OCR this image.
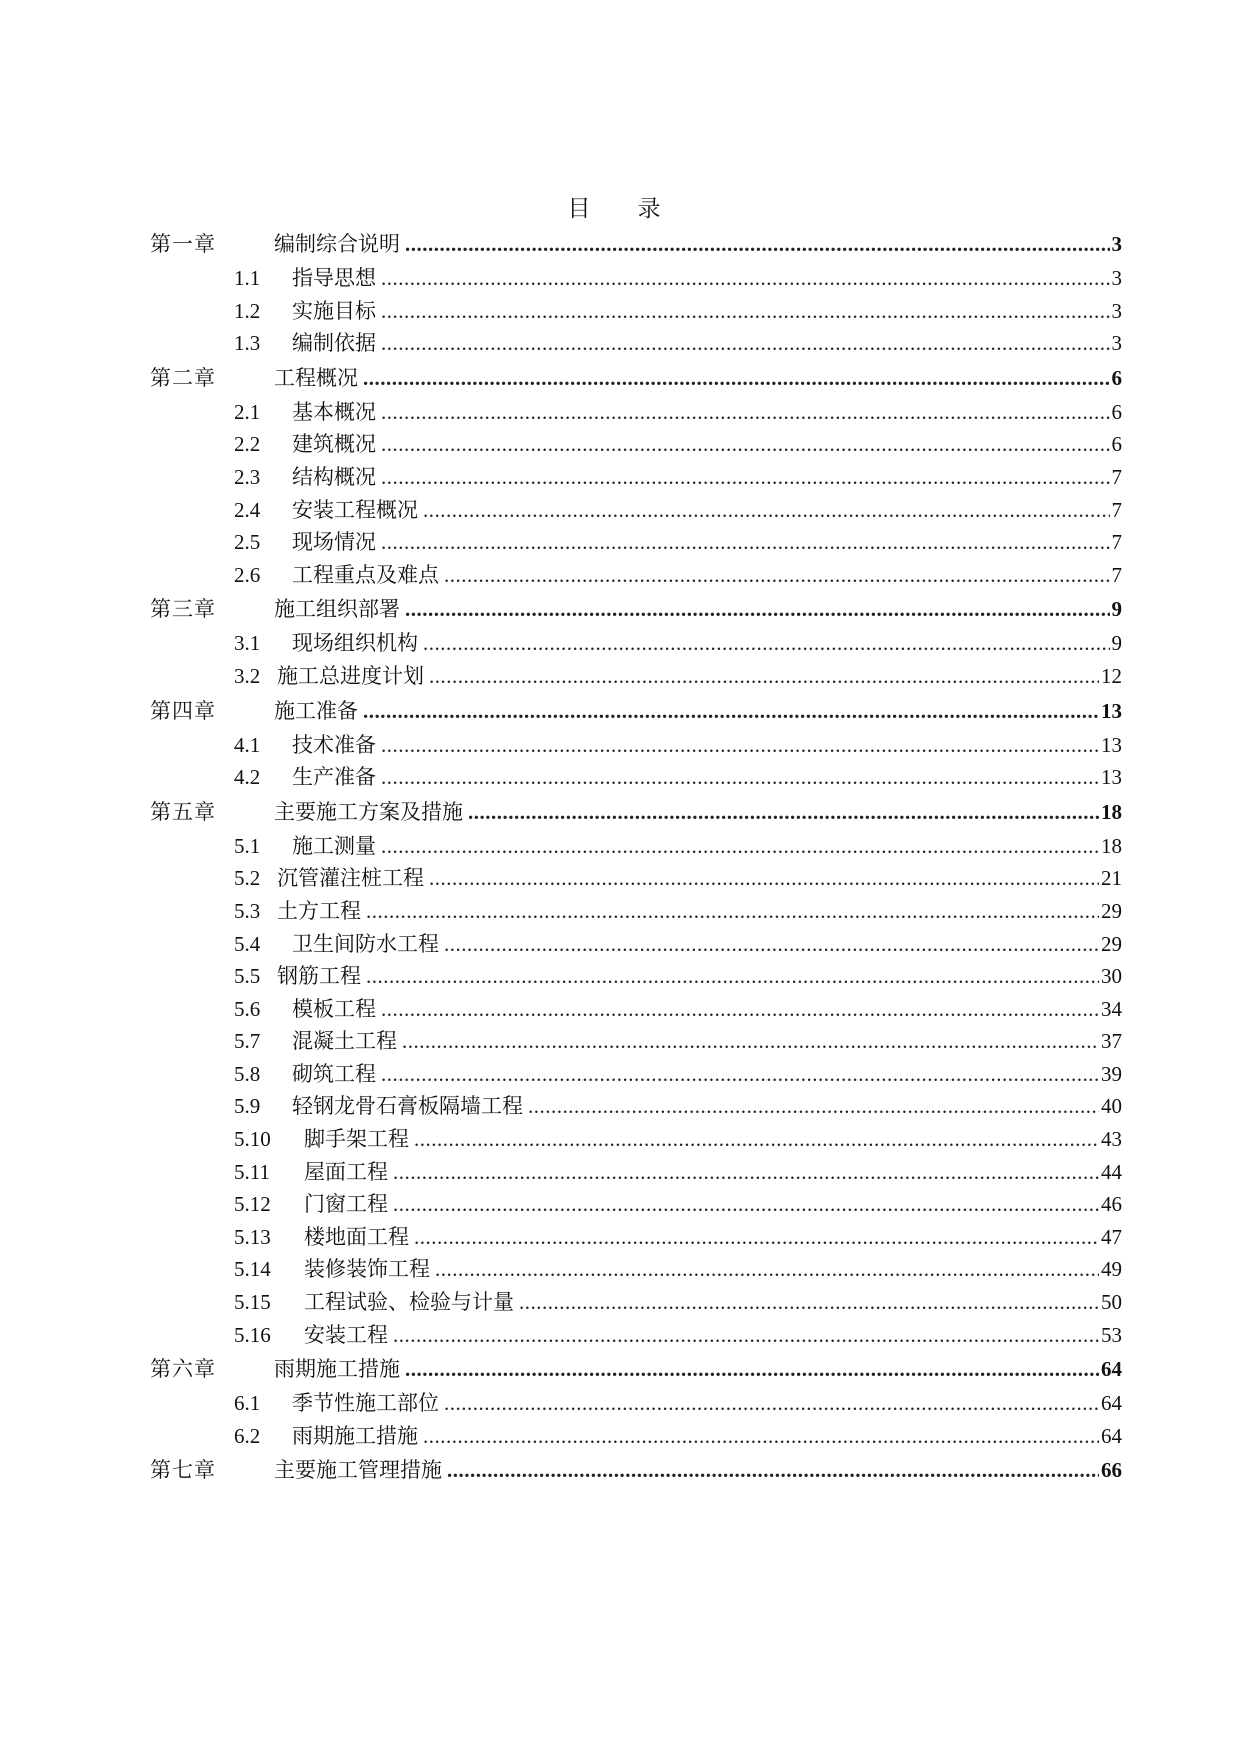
目　录
第一章	编制综合说明 .....	3
1.1	指导思想 .....	3
1.2	实施目标 .....	3
1.3	编制依据 .....	3
第二章	工程概况 .....	6
2.1	基本概况 .....	6
2.2	建筑概况 .....	6
2.3	结构概况 .....	7
2.4	安装工程概况 .....	7
2.5	现场情况 .....	7
2.6	工程重点及难点 .....	7
第三章	施工组织部署 .....	9
3.1	现场组织机构 .....	9
3.2 施工总进度计划 .....	12
第四章	施工准备 .....	13
4.1	技术准备 .....	13
4.2	生产准备 .....	13
第五章	主要施工方案及措施 .....	18
5.1	施工测量 .....	18
5.2 沉管灌注桩工程 .....	21
5.3 土方工程 .....	29
5.4	卫生间防水工程 .....	29
5.5 钢筋工程 .....	30
5.6	模板工程 .....	34
5.7	混凝土工程 .....	37
5.8	砌筑工程 .....	39
5.9	轻钢龙骨石膏板隔墙工程 .....	40
5.10	脚手架工程 .....	43
5.11	屋面工程 .....	44
5.12	门窗工程 .....	46
5.13	楼地面工程 .....	47
5.14	装修装饰工程 .....	49
5.15	工程试验、检验与计量 .....	50
5.16	安装工程 .....	53
第六章	雨期施工措施 .....	64
6.1	季节性施工部位 .....	64
6.2	雨期施工措施 .....	64
第七章	主要施工管理措施 .....	66
